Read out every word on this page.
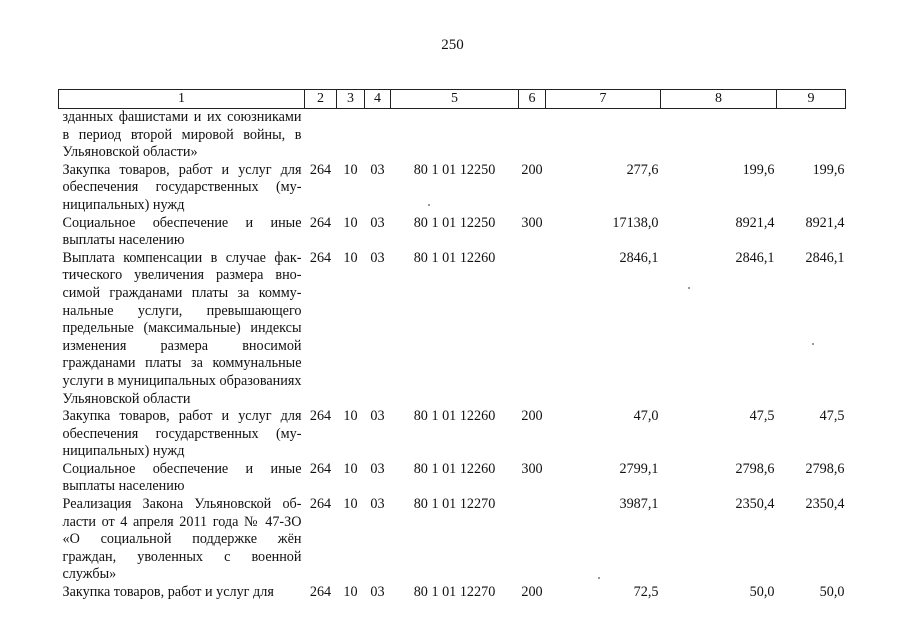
250
1	2	3	4	5	6	7	8	9
зданных фашистами и их союзниками в период второй мировой войны, в Ульяновской области»								
Закупка товаров, работ и услуг для обеспечения государственных (муниципальных) нужд	264	10	03	80 1 01 12250	200	277,6	199,6	199,6
Социальное обеспечение и иные выплаты населению	264	10	03	80 1 01 12250	300	17138,0	8921,4	8921,4
Выплата компенсации в случае фактического увеличения размера вносимой гражданами платы за коммунальные услуги, превышающего предельные (максимальные) индексы изменения размера вносимой гражданами платы за коммунальные услуги в муниципальных образованиях Ульяновской области	264	10	03	80 1 01 12260		2846,1	2846,1	2846,1
Закупка товаров, работ и услуг для обеспечения государственных (муниципальных) нужд	264	10	03	80 1 01 12260	200	47,0	47,5	47,5
Социальное обеспечение и иные выплаты населению	264	10	03	80 1 01 12260	300	2799,1	2798,6	2798,6
Реализация Закона Ульяновской области от 4 апреля 2011 года № 47-ЗО «О социальной поддержке жён граждан, уволенных с военной службы»	264	10	03	80 1 01 12270		3987,1	2350,4	2350,4
Закупка товаров, работ и услуг для	264	10	03	80 1 01 12270	200	72,5	50,0	50,0
